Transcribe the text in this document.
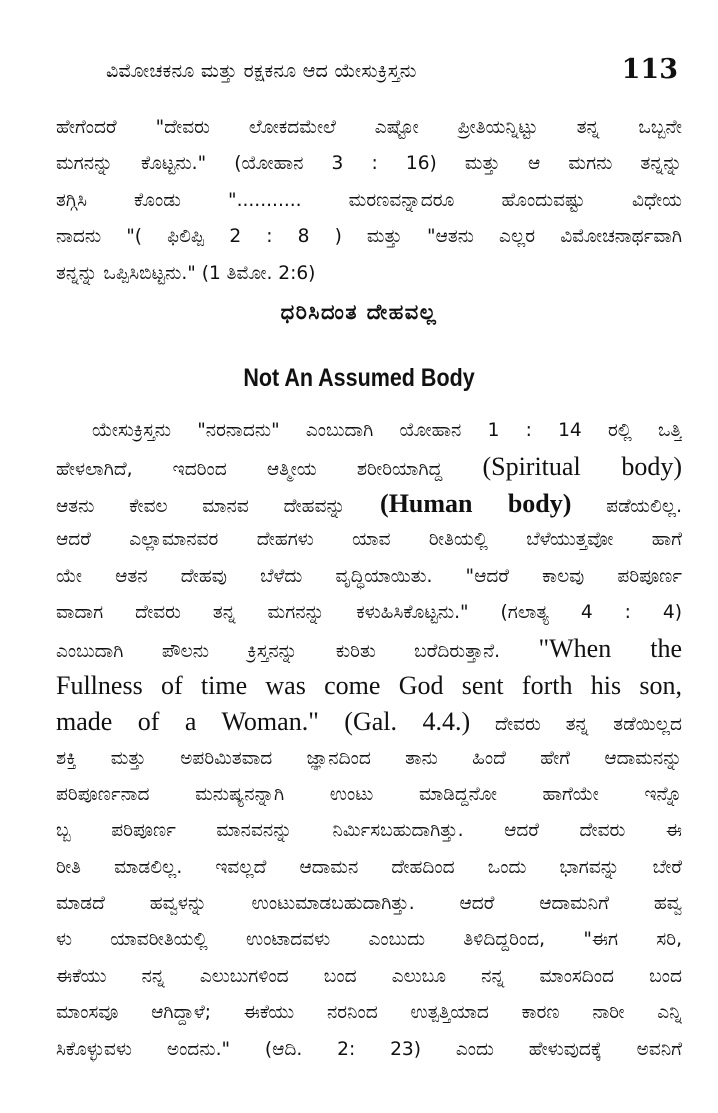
ವಿಮೋಚಕನೂ ಮತ್ತು ರಕ್ಷಕನೂ ಆದ ಯೇಸುಕ್ರಿಸ್ತನು	113
ಹೇಗೆಂದರೆ "ದೇವರು ಲೋಕದಮೇಲೆ ಎಷ್ಟೋ ಪ್ರೀತಿಯನ್ನಿಟ್ಟು ತನ್ನ ಒಬ್ಬನೇ
ಮಗನನ್ನು ಕೊಟ್ಟನು." (ಯೋಹಾನ 3 : 16) ಮತ್ತು ಆ ಮಗನು ತನ್ನನ್ನು
ತಗ್ಗಿಸಿ ಕೊಂಡು "........... ಮರಣವನ್ನಾದರೂ ಹೊಂದುವಷ್ಟು ವಿಧೇಯ
ನಾದನು "( ಫಿಲಿಪ್ಪಿ 2 : 8 ) ಮತ್ತು "ಆತನು ಎಲ್ಲರ ವಿಮೋಚನಾರ್ಥವಾಗಿ
ತನ್ನನ್ನು ಒಪ್ಪಿಸಿಬಿಟ್ಟನು." (1 ತಿಮೋ. 2:6)
ಧರಿಸಿದಂತ ದೇಹವಲ್ಲ
Not An Assumed Body
ಯೇಸುಕ್ರಿಸ್ತನು "ನರನಾದನು" ಎಂಬುದಾಗಿ ಯೋಹಾನ 1 : 14 ರಲ್ಲಿ ಒತ್ತಿ
ಹೇಳಲಾಗಿದೆ, ಇದರಿಂದ ಆತ್ಮೀಯ ಶರೀರಿಯಾಗಿದ್ದ (Spiritual body)
ಆತನು ಕೇವಲ ಮಾನವ ದೇಹವನ್ನು (Human body) ಪಡೆಯಲಿಲ್ಲ.
ಆದರೆ ಎಲ್ಲಾಮಾನವರ ದೇಹಗಳು ಯಾವ ರೀತಿಯಲ್ಲಿ ಬೆಳೆಯುತ್ತವೋ ಹಾಗೆ
ಯೇ ಆತನ ದೇಹವು ಬೆಳೆದು ವೃದ್ಧಿಯಾಯಿತು. "ಆದರೆ ಕಾಲವು ಪರಿಪೂರ್ಣ
ವಾದಾಗ ದೇವರು ತನ್ನ ಮಗನನ್ನು ಕಳುಹಿಸಿಕೊಟ್ಟನು." (ಗಲಾತ್ಯ 4 : 4)
ಎಂಬುದಾಗಿ ಪೌಲನು ಕ್ರಿಸ್ತನನ್ನು ಕುರಿತು ಬರೆದಿರುತ್ತಾನೆ. "When the
Fullness of time was come God sent forth his son,
made of a Woman." (Gal. 4.4.) ದೇವರು ತನ್ನ ತಡೆಯಿಲ್ಲದ
ಶಕ್ತಿ ಮತ್ತು ಅಪರಿಮಿತವಾದ ಜ್ಞಾನದಿಂದ ತಾನು ಹಿಂದೆ ಹೇಗೆ ಆದಾಮನನ್ನು
ಪರಿಪೂರ್ಣನಾದ ಮನುಷ್ಯನನ್ನಾಗಿ ಉಂಟು ಮಾಡಿದ್ದನೋ ಹಾಗೆಯೇ ಇನ್ನೊ
ಬ್ಬ ಪರಿಪೂರ್ಣ ಮಾನವನನ್ನು ನಿರ್ಮಿಸಬಹುದಾಗಿತ್ತು. ಆದರೆ ದೇವರು ಈ
ರೀತಿ ಮಾಡಲಿಲ್ಲ. ಇವಲ್ಲದೆ ಆದಾಮನ ದೇಹದಿಂದ ಒಂದು ಭಾಗವನ್ನು ಬೇರೆ
ಮಾಡದೆ ಹವ್ವಳನ್ನು ಉಂಟುಮಾಡಬಹುದಾಗಿತ್ತು. ಆದರೆ ಆದಾಮನಿಗೆ ಹವ್ವ
ಳು ಯಾವರೀತಿಯಲ್ಲಿ ಉಂಟಾದವಳು ಎಂಬುದು ತಿಳಿದಿದ್ದರಿಂದ, "ಈಗ ಸರಿ,
ಈಕೆಯು ನನ್ನ ಎಲುಬುಗಳಿಂದ ಬಂದ ಎಲುಬೂ ನನ್ನ ಮಾಂಸದಿಂದ ಬಂದ
ಮಾಂಸವೂ ಆಗಿದ್ದಾಳೆ; ಈಕೆಯು ನರನಿಂದ ಉತ್ಪತ್ತಿಯಾದ ಕಾರಣ ನಾರೀ ಎನ್ನಿ
ಸಿಕೊಳ್ಳುವಳು ಅಂದನು." (ಆದಿ. 2: 23) ಎಂದು ಹೇಳುವುದಕ್ಕೆ ಅವನಿಗೆ
